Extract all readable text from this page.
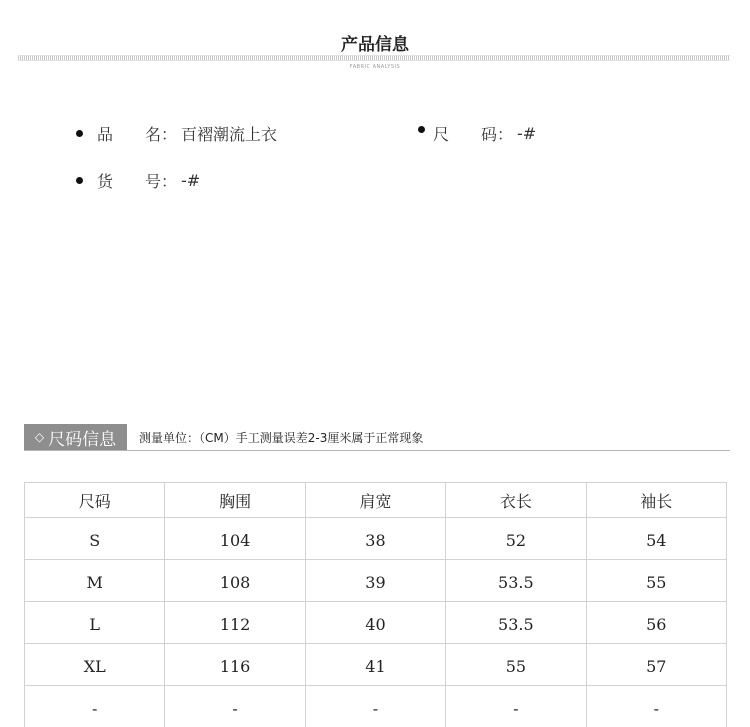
产品信息
FABRIC ANALYSIS
品 名： 百褶潮流上衣	尺 码： -#
货 号： -#
◇ 尺码信息 测量单位：（CM）手工测量误差2-3厘米属于正常现象
尺码	胸围	肩宽	衣长	袖长
S	104	38	52	54
M	108	39	53.5	55
L	112	40	53.5	56
XL	116	41	55	57
-	-	-	-	-
